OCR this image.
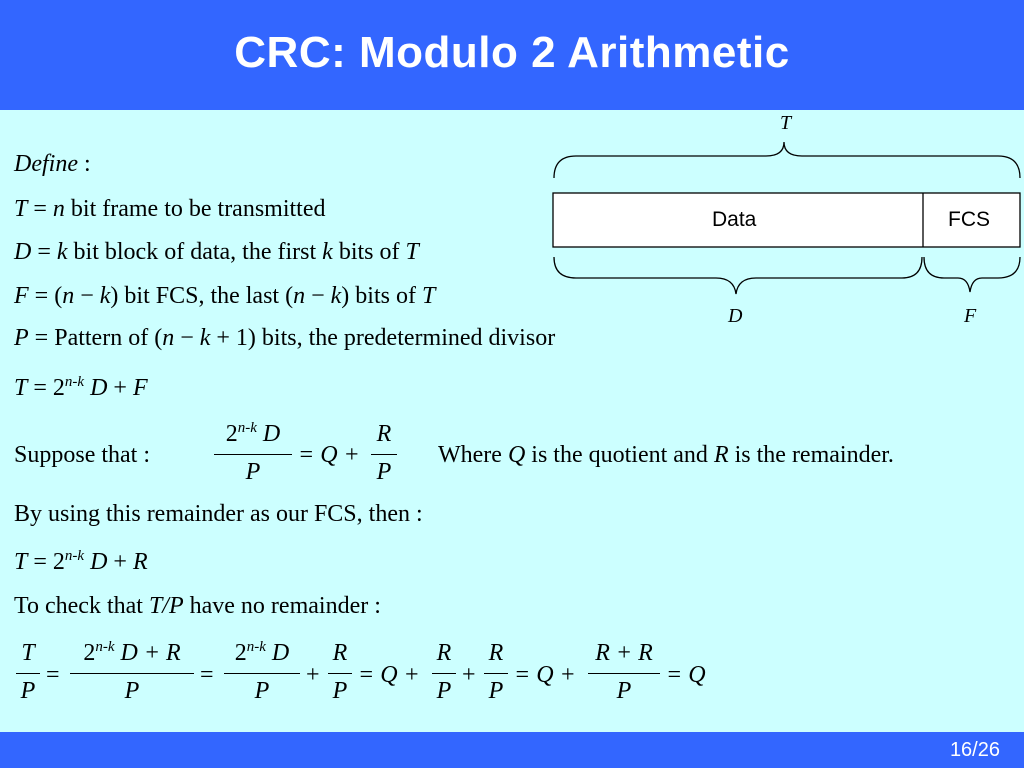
CRC: Modulo 2 Arithmetic
T
Data	FCS
D	F
Define :
T = n bit frame to be transmitted
D = k bit block of data, the first k bits of T
F = (n − k) bit FCS, the last (n − k) bits of T
P = Pattern of (n − k + 1) bits, the predetermined divisor
$T = 2^{n-k}$ D + F
Suppose that :
2$^{n-k}$ D
P
= Q +
R
P
Where Q is the quotient and R is the remainder.
By using this remainder as our FCS, then :
$T = 2^{n-k}$ D + R
To check that T/P have no remainder :
T
P
=
$2^{n-k}$ D + R
P
=
$2^{n-k}$ D
P
+
R
P
= Q +
R
P
+
R
P
= Q +
R + R
P
= Q
16/26
